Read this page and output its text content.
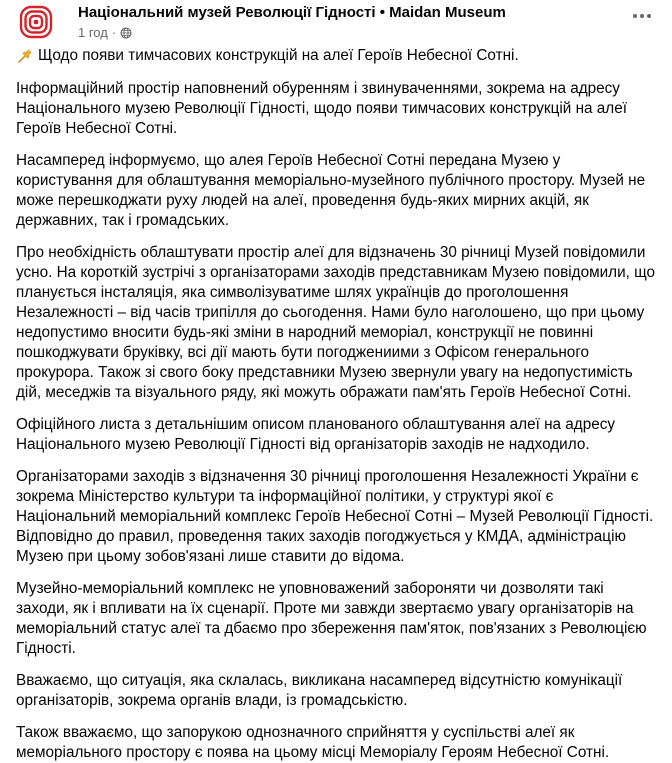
Національний музей Революції Гідності • Maidan Museum
1 год ·

Щодо появи тимчасових конструкцій на алеї Героїв Небесної Сотні.

Інформаційний простір наповнений обуренням і звинуваченнями, зокрема на адресу Національного музею Революції Гідності, щодо появи тимчасових конструкцій на алеї Героїв Небесної Сотні.

Насамперед інформуємо, що алея Героїв Небесної Сотні передана Музею у користування для облаштування меморіально-музейного публічного простору. Музей не може перешкоджати руху людей на алеї, проведення будь-яких мирних акцій, як державних, так і громадських.

Про необхідність облаштувати простір алеї для відзначень 30 річниці Музей повідомили усно. На короткій зустрічі з організаторами заходів представникам Музею повідомили, що планується інсталяція, яка символізуватиме шлях українців до проголошення Незалежності – від часів трипілля до сьогодення. Нами було наголошено, що при цьому недопустимо вносити будь-які зміни в народний меморіал, конструкції не повинні пошкоджувати бруківку, всі дії мають бути погоджениими з Офісом генерального прокурора. Також зі свого боку представники Музею звернули увагу на недопустимість дій, меседжів та візуального ряду, які можуть ображати пам'ять Героїв Небесної Сотні.

Офіційного листа з детальнішим описом планованого облаштування алеї на адресу Національного музею Революції Гідності від організаторів заходів не надходило.

Організаторами заходів з відзначення 30 річниці проголошення Незалежності України є зокрема Міністерство культури та інформаційної політики, у структурі якої є Національний меморіальний комплекс Героїв Небесної Сотні – Музей Революції Гідності. Відповідно до правил, проведення таких заходів погоджується у КМДА, адміністрацію Музею при цьому зобов'язані лише ставити до відома.

Музейно-меморіальний комплекс не уповноважений забороняти чи дозволяти такі заходи, як і впливати на їх сценарії. Проте ми завжди звертаємо увагу організаторів на меморіальний статус алеї та дбаємо про збереження пам'яток, пов'язаних з Революцією Гідності.

Вважаємо, що ситуація, яка склалась, викликана насамперед відсутністю комунікації організаторів, зокрема органів влади, із громадськістю.

Також вважаємо, що запорукою однозначного сприйняття у суспільстві алеї як меморіального простору є поява на цьому місці Меморіалу Героям Небесної Сотні.
